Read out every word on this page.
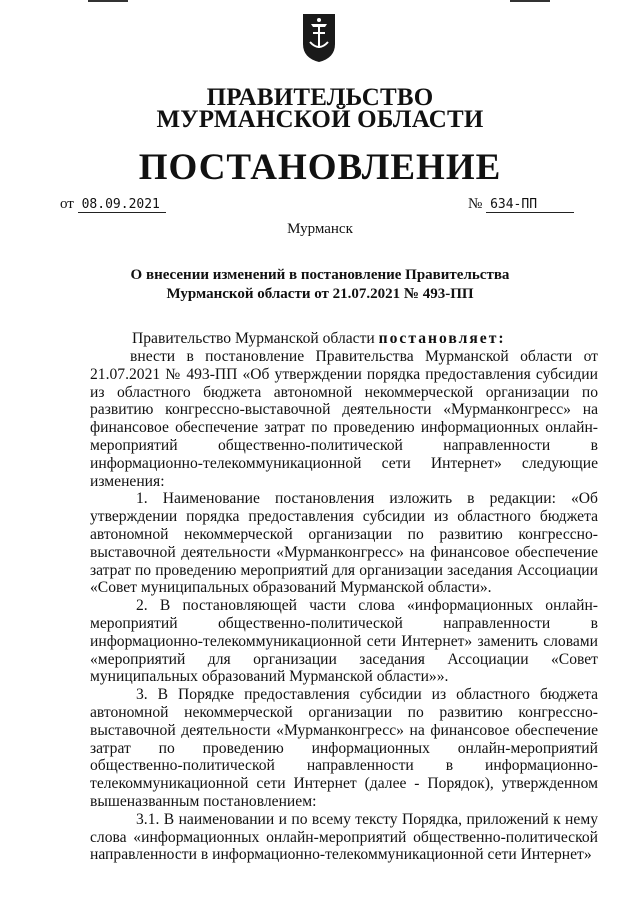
ПРАВИТЕЛЬСТВО
МУРМАНСКОЙ ОБЛАСТИ
ПОСТАНОВЛЕНИЕ
от 08.09.2021	№ 634-ПП
Мурманск
О внесении изменений в постановление Правительства
Мурманской области от 21.07.2021 № 493-ПП

Правительство Мурманской области постановляет:

внести в постановление Правительства Мурманской области от 21.07.2021 № 493-ПП «Об утверждении порядка предоставления субсидии из областного бюджета автономной некоммерческой организации по развитию конгрессно-выставочной деятельности «Мурманконгресс» на финансовое обеспечение затрат по проведению информационных онлайн-мероприятий общественно-политической направленности в информационно-телекоммуникационной сети Интернет» следующие изменения:

1. Наименование постановления изложить в редакции: «Об утверждении порядка предоставления субсидии из областного бюджета автономной некоммерческой организации по развитию конгрессно-выставочной деятельности «Мурманконгресс» на финансовое обеспечение затрат по проведению мероприятий для организации заседания Ассоциации «Совет муниципальных образований Мурманской области».

2. В постановляющей части слова «информационных онлайн-мероприятий общественно-политической направленности в информационно-телекоммуникационной сети Интернет» заменить словами «мероприятий для организации заседания Ассоциации «Совет муниципальных образований Мурманской области»».

3. В Порядке предоставления субсидии из областного бюджета автономной некоммерческой организации по развитию конгрессно-выставочной деятельности «Мурманконгресс» на финансовое обеспечение затрат по проведению информационных онлайн-мероприятий общественно-политической направленности в информационно-телекоммуникационной сети Интернет (далее - Порядок), утвержденном вышеназванным постановлением:

3.1. В наименовании и по всему тексту Порядка, приложений к нему слова «информационных онлайн-мероприятий общественно-политической направленности в информационно-телекоммуникационной сети Интернет»
